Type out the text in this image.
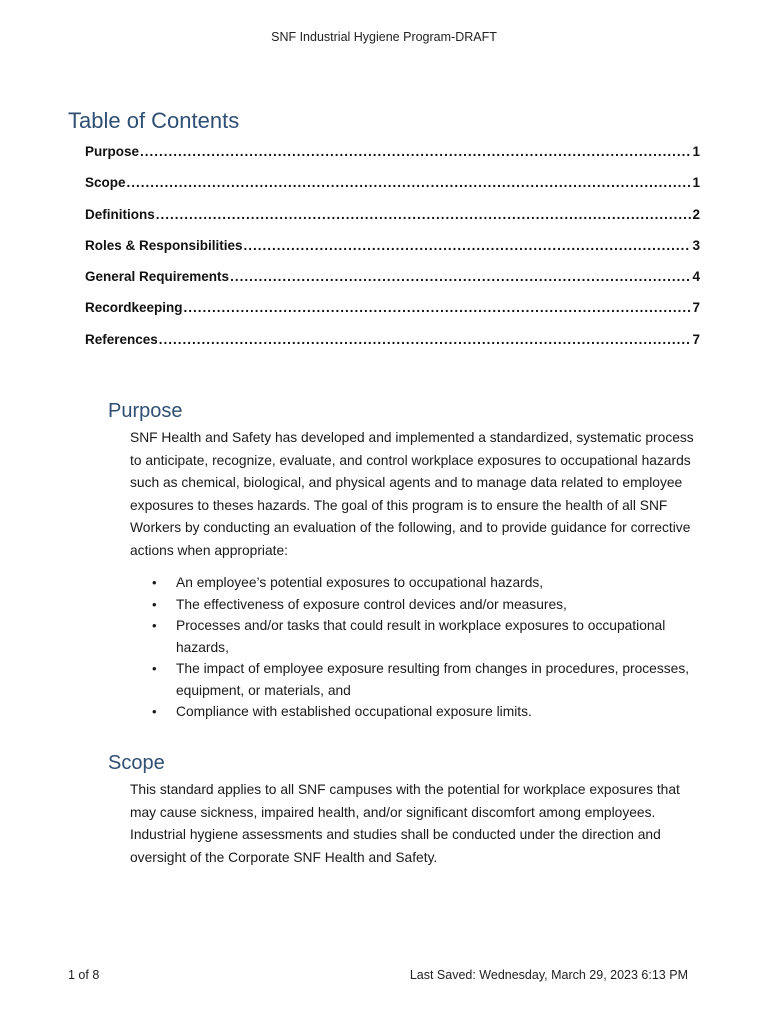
SNF Industrial Hygiene Program-DRAFT
Table of Contents
Purpose .....	1
Scope .....	1
Definitions .....	2
Roles & Responsibilities .....	3
General Requirements .....	4
Recordkeeping .....	7
References .....	7
Purpose

SNF Health and Safety has developed and implemented a standardized, systematic process to anticipate, recognize, evaluate, and control workplace exposures to occupational hazards such as chemical, biological, and physical agents and to manage data related to employee exposures to theses hazards. The goal of this program is to ensure the health of all SNF Workers by conducting an evaluation of the following, and to provide guidance for corrective actions when appropriate:

• An employee’s potential exposures to occupational hazards,
• The effectiveness of exposure control devices and/or measures,
• Processes and/or tasks that could result in workplace exposures to occupational hazards,
• The impact of employee exposure resulting from changes in procedures, processes, equipment, or materials, and
• Compliance with established occupational exposure limits.
Scope

This standard applies to all SNF campuses with the potential for workplace exposures that may cause sickness, impaired health, and/or significant discomfort among employees. Industrial hygiene assessments and studies shall be conducted under the direction and oversight of the Corporate SNF Health and Safety.

1 of 8	Last Saved: Wednesday, March 29, 2023 6:13 PM
